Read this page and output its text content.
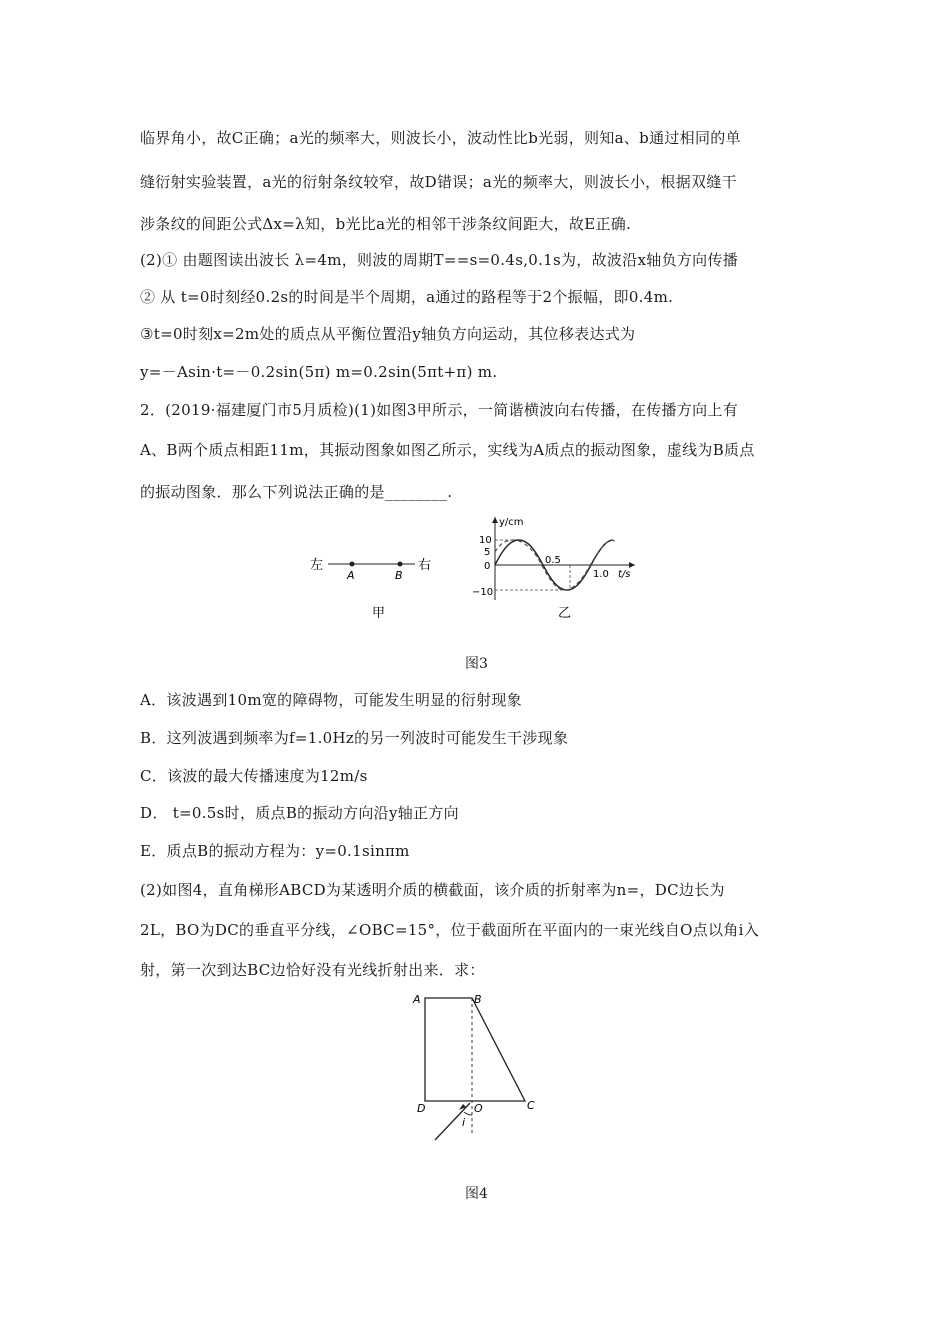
临界角小，故C正确；a光的频率大，则波长小，波动性比b光弱，则知a、b通过相同的单
缝衍射实验装置，a光的衍射条纹较窄，故D错误；a光的频率大，则波长小，根据双缝干
涉条纹的间距公式Δx=λ知，b光比a光的相邻干涉条纹间距大，故E正确.
(2)① 由题图读出波长 λ=4m，则波的周期T==s=0.4s,0.1s为，故波沿x轴负方向传播
② 从 t=0时刻经0.2s的时间是半个周期，a通过的路程等于2个振幅，即0.4m.
③t=0时刻x=2m处的质点从平衡位置沿y轴负方向运动，其位移表达式为
y=－Asin·t=－0.2sin(5π) m=0.2sin(5πt+π) m.
2．(2019·福建厦门市5月质检)(1)如图3甲所示，一简谐横波向右传播，在传播方向上有
A、B两个质点相距11m，其振动图象如图乙所示，实线为A质点的振动图象，虚线为B质点
的振动图象．那么下列说法正确的是________.
左
A	B
右
甲
y/cm
t/s
10
5
0
−10
0.5
1.0
乙
图3
A．该波遇到10m宽的障碍物，可能发生明显的衍射现象
B．这列波遇到频率为f=1.0Hz的另一列波时可能发生干涉现象
C．该波的最大传播速度为12m/s
D． t=0.5s时，质点B的振动方向沿y轴正方向
E．质点B的振动方程为：y=0.1sinπm
(2)如图4，直角梯形ABCD为某透明介质的横截面，该介质的折射率为n=，DC边长为
2L，BO为DC的垂直平分线，∠OBC=15°，位于截面所在平面内的一束光线自O点以角i入
射，第一次到达BC边恰好没有光线折射出来．求：
A	B
C
D	O
i
图4
